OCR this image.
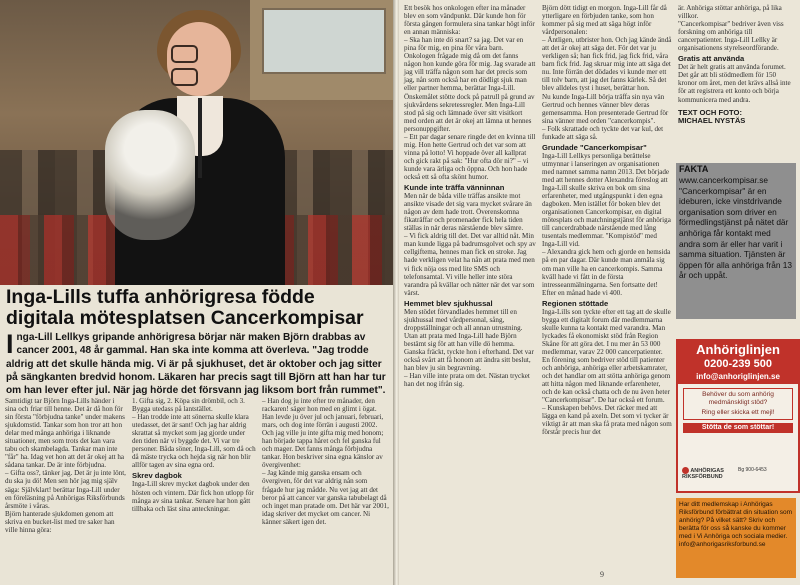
Inga-Lills tuffa anhörigresa födde digitala mötesplatsen Cancerkompisar

Inga-Lill Lellkys gripande anhörigresa börjar när maken Björn drabbas av cancer 2001, 48 år gammal. Han ska inte komma att överleva. "Jag trodde aldrig att det skulle hända mig. Vi är på sjukhuset, det är oktober och jag sitter på sängkanten bredvid honom. Läkaren har precis sagt till Björn att han har tur om han lever efter jul. När jag hörde det försvann jag liksom bort från rummet".

Samtidigt tar Björn Inga-Lills händer i sina och friar till henne. Det är då hon för sin första "förbjudna tanke" under makens sjukdomstid. Tankar som hon tror att hon delar med många anhöriga i liknande situationer, men som trots det kan vara tabu och skambelagda. Tankar man inte "får" ha. Idag vet hon att det är okej att ha sådana tankar. De är inte förbjudna.

– Gifta oss?, tänker jag. Det är ju inte lönt, du ska ju dö! Men sen hör jag mig själv säga: Självklart! berättar Inga-Lill under en föreläsning på Anhörigas Riksförbunds årsmöte i våras.

Björn hanterade sjukdomen genom att skriva en bucket-list med tre saker han ville hinna göra:

1. Gifta sig, 2. Köpa sin drömbil, och 3. Bygga utedass på lantstället.

– Han trodde inte att sönerna skulle klara utedasset, det är sant! Och jag har aldrig skrattat så mycket som jag gjorde under den tiden när vi byggde det. Vi var tre personer. Båda söner, Inga-Lill, som då och då mäste trycka och hejda sig när hon blir allför tagen av sina egna ord.

Skrev dagbok

Inga-Lill skrev mycket dagbok under den hösten och vintern. Där fick hon utlopp för många av sina tankar. Senare har hon gått tillbaka och läst sina anteckningar.

– Han dog ju inte efter tre månader, den rackaren! säger hon med en glimt i ögat. Han levde ju över jul och januari, februari, mars, och dog inte förrän i augusti 2002. Och jag ville ju inte gifta mig med honom; han började tappa håret och fel ganska ful och mager. Det fanns många förbjudna tankar. Hon beskriver sina egna känslor av övergivenhet:

– Jag kände mig ganska ensam och övergiven, för det var aldrig nån som frågade hur jag mådde. Nu vet jag att det beror på att cancer var ganska tabubelagt då och inget man pratade om. Det här var 2001, idag skriver det mycket om cancer. Ni känner säkert igen det.

Ett besök hos onkologen efter ina månader blev en som vändpunkt. Där kunde hon för första gången formulera sina tankar högt inför en annan människa:

– Ska han inte dö snart? sa jag. Det var en pina för mig, en pina för våra barn. Onkologen frågade mig då om det fanns någon hon kunde göra för mig. Jag svarade att jag vill träffa någon som har det precis som jag, nån som också har en dödligt sjuk man eller partner hemma, berättar Inga-Lill.

Önskemålet stötte dock på patrull på grund av sjukvårdens sekretessregler. Men Inga-Lill stod på sig och lämnade över sitt visitkort med orden att det är okej att lämna ut hennes personuppgifter.

– Ett par dagar senare ringde det en kvinna till mig. Hon hette Gertrud och det var som att vinna på lotto! Vi hoppade över all kallprat och gick rakt på sak: "Hur ofta dör ni?" – vi kunde vara ärliga och öppna. Och hon hade också ett så ofta skönt humor.

Kunde inte träffa vänninnan

Men när de båda ville träffas ansikte mot ansikte visade det sig vara mycket svårare än någon av dem hade trott. Överenskomna fikaträffar och promenader fick hela tiden ställas in när deras närstående blev sämre.

– Vi fick aldrig till det. Det var alltid nåt. Min man kunde ligga på badrumsgolvet och spy av cellgiftema, hennes man fick en stroke. Jag hade verkligen velat ha nån att prata med men vi fick nöja oss med lite SMS och telefonsamtal. Vi ville heller inte störa varandra på kvällar och nätter när det var som värst.

Hemmet blev sjukhussal

Men stödet förvandlades hemmet till en sjukhussal med vårdpersonal, sång, droppställningar och all annan utrustning. Utan att prata med Inga-Lill hade Björn bestämt sig för att han ville dö hemma. Ganska fräckt, tyckte hon i efterhand. Det var också svårt att få honom att ändra sitt beslut, han blev ju sin begravning.

– Han ville inte prata om det. Nästan trycket han det nog ifrån sig.

Björn dött tidigt en morgon. Inga-Lill får då ytterligare en förbjuden tanke, som hon kommer på sig med att säga högt inför vårdpersonalen:

– Äntligen, utbrister hon. Och jag kände ändå att det är okej att säga det. För det var ju verkligen så; han fick frid, jag fick frid, våra barn fick frid. Jag skruar mig inte att säga det nu. Inte förrän det dödades vi kunde mer ett till tolv barn, att jag det fanns kärlek. Så det blev alldeles tyst i huset, berättar hon.

Nu kunde Inga-Lill börja träffa sin nya vän Gertrud och hennes vänner blev deras gemensamma. Hon presenterade Gertrud för sina vänner med orden "cancerkompis".

– Folk skrattade och tyckte det var kul, det funkade att säga så.

Grundade "Cancerkompisar"

Inga-Lill Lellkys personliga berättelse utmynnar i lanseringen av organisationen med namnet samma namn 2013. Det började med att hennes dotter Alexandra föreslog att Inga-Lill skulle skriva en bok om sina erfarenheter, med utgångspunkt i den egna dagboken. Men istället för boken blev det organisationen Cancerkompisar, en digital mötesplats och matchningstjänst för anhöriga till cancerdrabbade närstående med lång tusentals medlemmar. "Kompistöd" med Inga-Lill vid.

– Alexandra gick hem och gjorde en hemsida på en par dagar. Där kunde man anmäla sig om man ville ha en cancerkompis. Samma kväll hade vi fått in de första intresseanmälningarna. Sen fortsatte det! Efter en månad hade vi 400.

Regionen stöttade

Inga-Lills son tyckte efter ett tag att de skulle bygga ett digitalt forum där medlemmarna skulle kunna ta kontakt med varandra. Man lyckades få ekonomiskt stöd från Region Skåne för att göra det. I nu mer än 53 000 medlemmar, varav 22 000 cancerpatienter. En förening som bedriver stöd till patienter och anhöriga, anhöriga eller arbetskamrater, och det handlar om att stötta anhöriga genom att hitta någon med liknande erfarenheter, och de kan också chatta och de nu även heter "Cancerkompisar". De har också ett forum.

– Kunskapen behövs. Det räcker med att lägga en kand på axeln. Det som vi tycker är viktigt är att man ska få prata med någon som förstår precis hur det

är. Anhöriga stöttar anhöriga, på lika villkor.

"Cancerkompisar" bedriver även viss forskning om anhöriga till cancerpatienter. Inga-Lill Lellky är organisationens styrelseordförande.

Gratis att använda

Det är helt gratis att använda forumet. Det går att bli stödmedlem för 150 kronor om året, men det krävs allså inte för att registrera ett konto och börja kommunicera med andra.

TEXT OCH FOTO:

MICHAEL NYSTÄS

FAKTA
www.cancerkompisar.se "Cancerkompisar" är en ideburen, icke vinstdrivande organisation som driver en förmedlingstjänst på nätet där anhöriga får kontakt med andra som är eller har varit i samma situation. Tjänsten är öppen för alla anhöriga från 13 år och uppåt.
Anhöriglinjen
0200-239 500
info@anhoriglinjen.se
Behöver du som anhörig
medmänskligt stöd?
Ring eller skicka ett mejl!
Stötta de som stöttar!
ANHÖRIGAS
RIKSFÖRBUND
Bg 900-6453

Har ditt medlemskap i Anhörigas Riksförbund förbättrat din situation som anhörig? På vilket sätt? Skriv och berätta för oss så kanske du kommer med i Vi Anhöriga och sociala medier. info@anhorigasriksforbund.se

9
